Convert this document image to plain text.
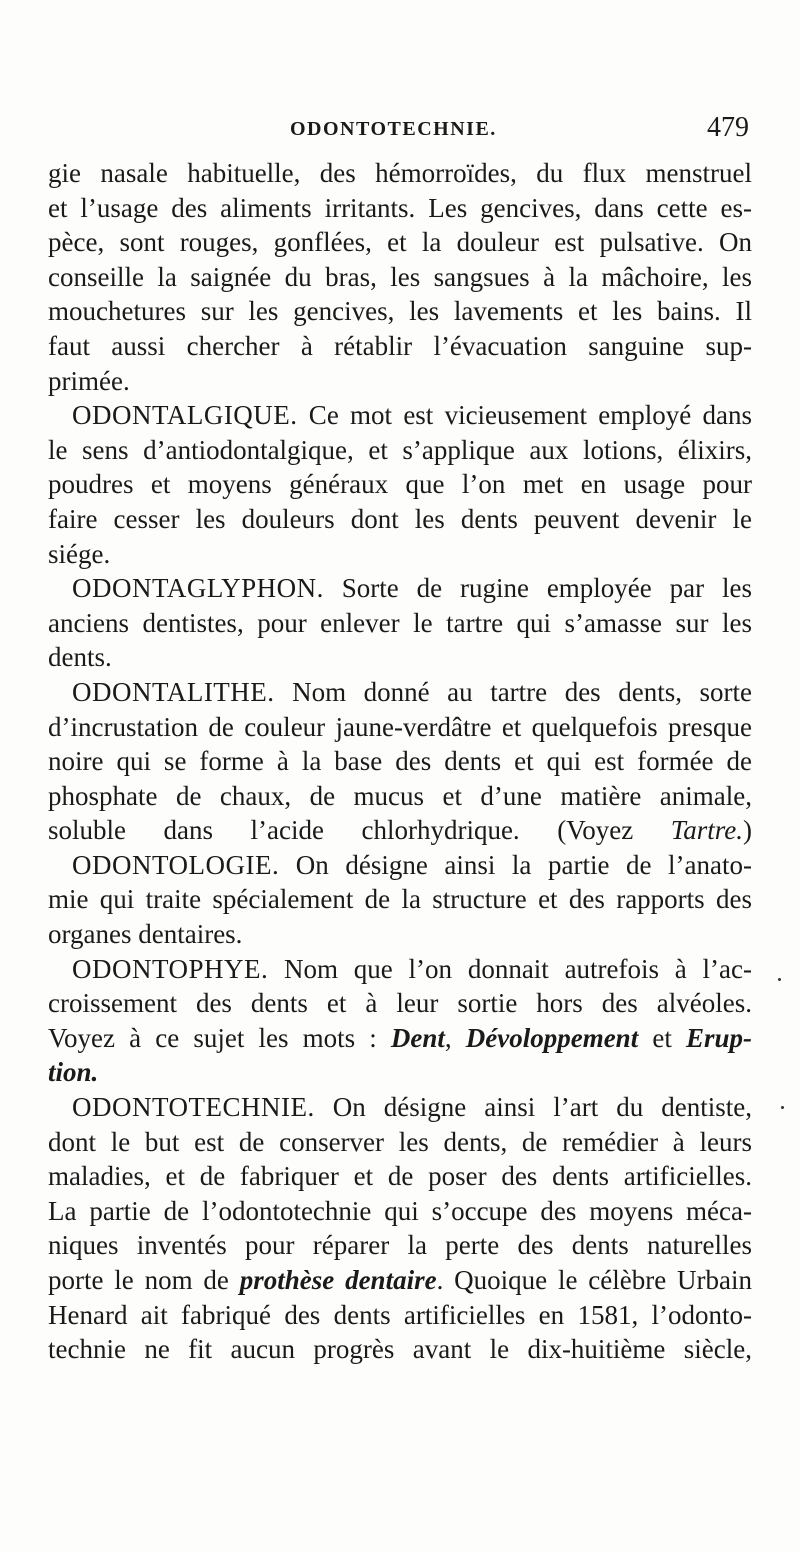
ODONTOTECHNIE.	479
gie nasale habituelle, des hémorroïdes, du flux menstruel
et l’usage des aliments irritants. Les gencives, dans cette es-
pèce, sont rouges, gonflées, et la douleur est pulsative. On
conseille la saignée du bras, les sangsues à la mâchoire, les
mouchetures sur les gencives, les lavements et les bains. Il
faut aussi chercher à rétablir l’évacuation sanguine sup-
primée.
ODONTALGIQUE. Ce mot est vicieusement employé dans
le sens d’antiodontalgique, et s’applique aux lotions, élixirs,
poudres et moyens généraux que l’on met en usage pour
faire cesser les douleurs dont les dents peuvent devenir le
siége.
ODONTAGLYPHON. Sorte de rugine employée par les
anciens dentistes, pour enlever le tartre qui s’amasse sur les
dents.
ODONTALITHE. Nom donné au tartre des dents, sorte
d’incrustation de couleur jaune-verdâtre et quelquefois presque
noire qui se forme à la base des dents et qui est formée de
phosphate de chaux, de mucus et d’une matière animale,
soluble dans l’acide chlorhydrique. (Voyez Tartre.)
ODONTOLOGIE. On désigne ainsi la partie de l’anato-
mie qui traite spécialement de la structure et des rapports des
organes dentaires.
ODONTOPHYE. Nom que l’on donnait autrefois à l’ac-
croissement des dents et à leur sortie hors des alvéoles.
Voyez à ce sujet les mots : Dent, Dévoloppement et Erup-
tion.
ODONTOTECHNIE. On désigne ainsi l’art du dentiste,
dont le but est de conserver les dents, de remédier à leurs
maladies, et de fabriquer et de poser des dents artificielles.
La partie de l’odontotechnie qui s’occupe des moyens méca-
niques inventés pour réparer la perte des dents naturelles
porte le nom de prothèse dentaire. Quoique le célèbre Urbain
Henard ait fabriqué des dents artificielles en 1581, l’odonto-
technie ne fit aucun progrès avant le dix-huitième siècle,
